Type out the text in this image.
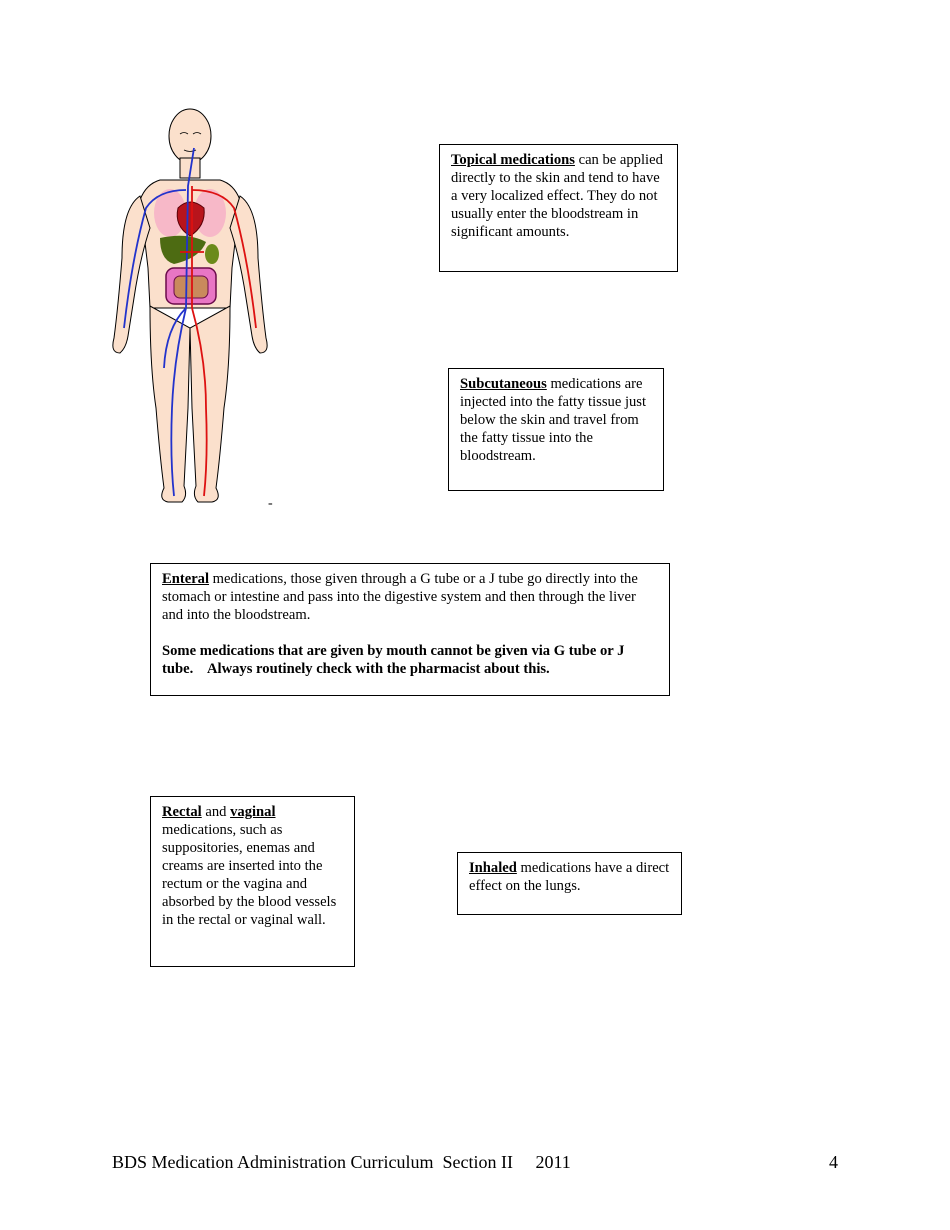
-

Topical medications can be applied directly to the skin and tend to have a very localized effect. They do not usually enter the bloodstream in significant amounts.

Subcutaneous medications are injected into the fatty tissue just below the skin and travel from the fatty tissue into the bloodstream.

Enteral medications, those given through a G tube or a J tube go directly into the stomach or intestine and pass into the digestive system and then through the liver and into the bloodstream.

Some medications that are given by mouth cannot be given via G tube or J tube.    Always routinely check with the pharmacist about this.

Rectal and vaginal

medications, such as suppositories, enemas and creams are inserted into the rectum or the vagina and absorbed by the blood vessels in the rectal or vaginal wall.

Inhaled medications have a direct effect on the lungs.

BDS Medication Administration Curriculum  Section II     2011	4
